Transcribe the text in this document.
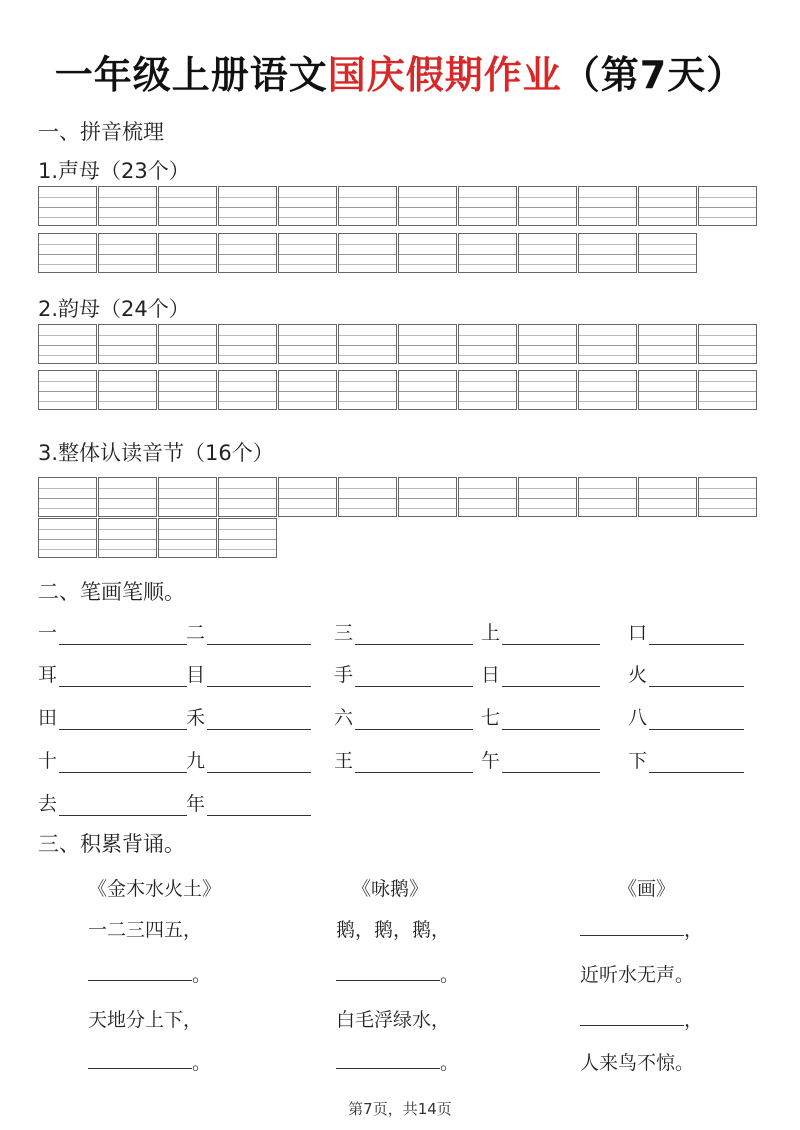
一年级上册语文国庆假期作业（第7天）
一、拼音梳理
1.声母（23个）
2.韵母（24个）
3.整体认读音节（16个）
二、笔画笔顺。
一	二	三	上	口
耳	目	手	日	火
田	禾	六	七	八
十	九	王	午	下
去	年
三、积累背诵。
《金木水火土》
一二三四五，
。
天地分上下，
。
《咏鹅》
鹅，鹅，鹅，
。
白毛浮绿水，
。
《画》
，
近听水无声。
，
人来鸟不惊。
第7页，共14页
